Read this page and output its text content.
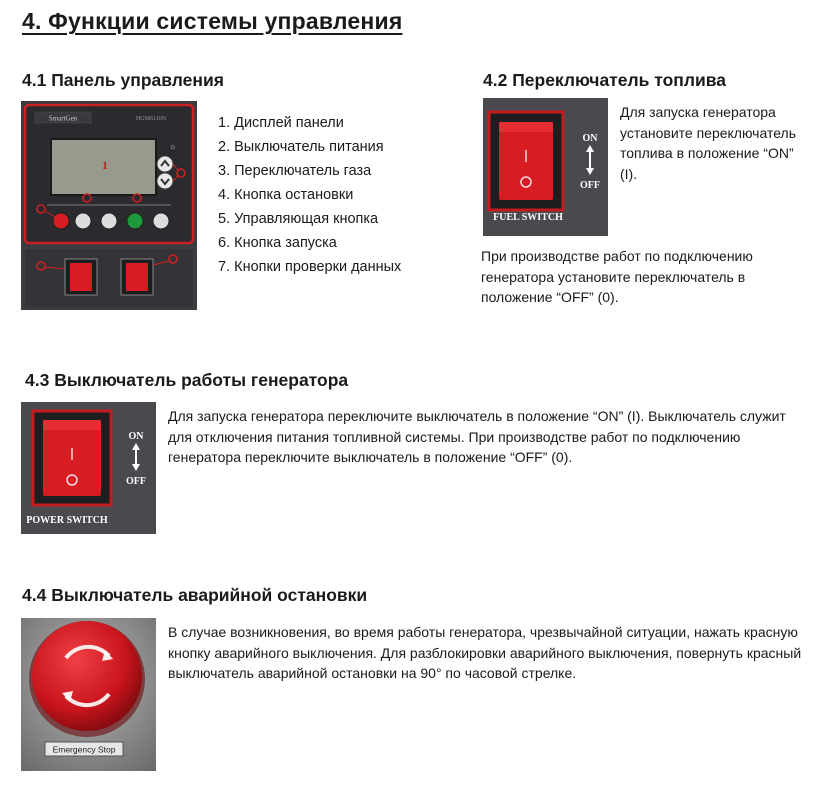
4. Функции системы управления
4.1 Панель управления
SmartGen	HGM6110N
1
☼
1. Дисплей панели
2. Выключатель питания
3. Переключатель газа
4. Кнопка остановки
5. Управляющая кнопка
6. Кнопка запуска
7. Кнопки проверки данных
4.2 Переключатель топлива
ON
OFF
FUEL SWITCH
Для запуска генератора установите переключатель топлива в положение “ON” (I).
При производстве работ по подключению генератора установите переключатель в положение “OFF” (0).
4.3 Выключатель работы генератора
ON
OFF
POWER SWITCH
Для запуска генератора переключите выключатель в положение “ON” (I). Выключатель служит для отключения питания топливной системы. При производстве работ по подключению генератора переключите выключатель в положение “OFF” (0).
4.4 Выключатель аварийной остановки
Emergency Stop
В случае возникновения, во время работы генератора, чрезвычайной ситуации, нажать красную кнопку аварийного выключения. Для разблокировки аварийного выключения, повернуть красный выключатель аварийной остановки на 90° по часовой стрелке.
